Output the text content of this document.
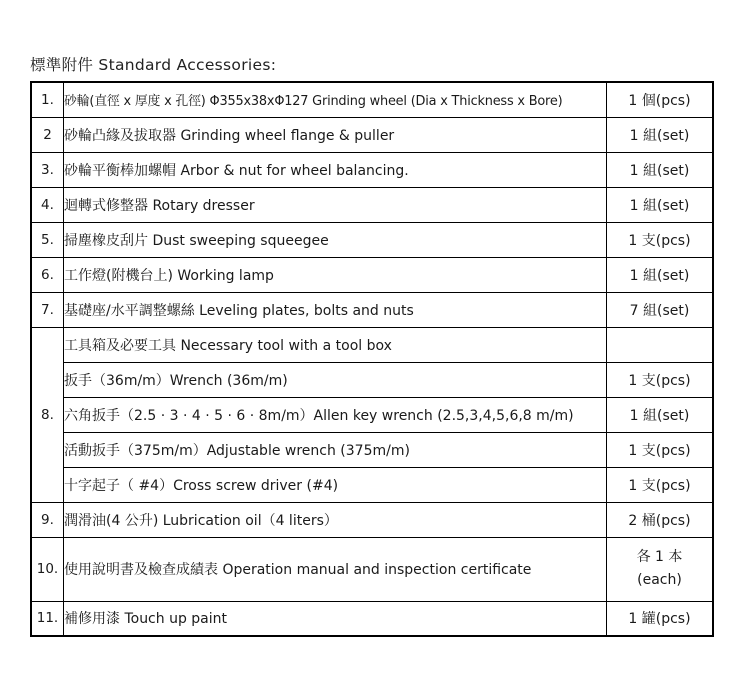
標準附件 Standard Accessories:
1.	砂輪(直徑 x 厚度 x 孔徑) Φ355x38xΦ127 Grinding wheel (Dia x Thickness x Bore)	1 個(pcs)
2	砂輪凸緣及拔取器 Grinding wheel flange & puller	1 組(set)
3.	砂輪平衡棒加螺帽 Arbor & nut for wheel balancing.	1 組(set)
4.	迴轉式修整器 Rotary dresser	1 組(set)
5.	掃塵橡皮刮片 Dust sweeping squeegee	1 支(pcs)
6.	工作燈(附機台上) Working lamp	1 組(set)
7.	基礎座/水平調整螺絲 Leveling plates, bolts and nuts	7 組(set)
8.	工具箱及必要工具 Necessary tool with a tool box	
	扳手（36m/m）Wrench (36m/m)	1 支(pcs)
	六角扳手（2.5 · 3 · 4 · 5 · 6 · 8m/m）Allen key wrench (2.5,3,4,5,6,8 m/m)	1 組(set)
	活動扳手（375m/m）Adjustable wrench (375m/m)	1 支(pcs)
	十字起子（ #4）Cross screw driver (#4)	1 支(pcs)
9.	潤滑油(4 公升) Lubrication oil（4 liters）	2 桶(pcs)
10.	使用說明書及檢查成績表 Operation manual and inspection certificate	各 1 本
(each)

11.	補修用漆 Touch up paint	1 罐(pcs)
